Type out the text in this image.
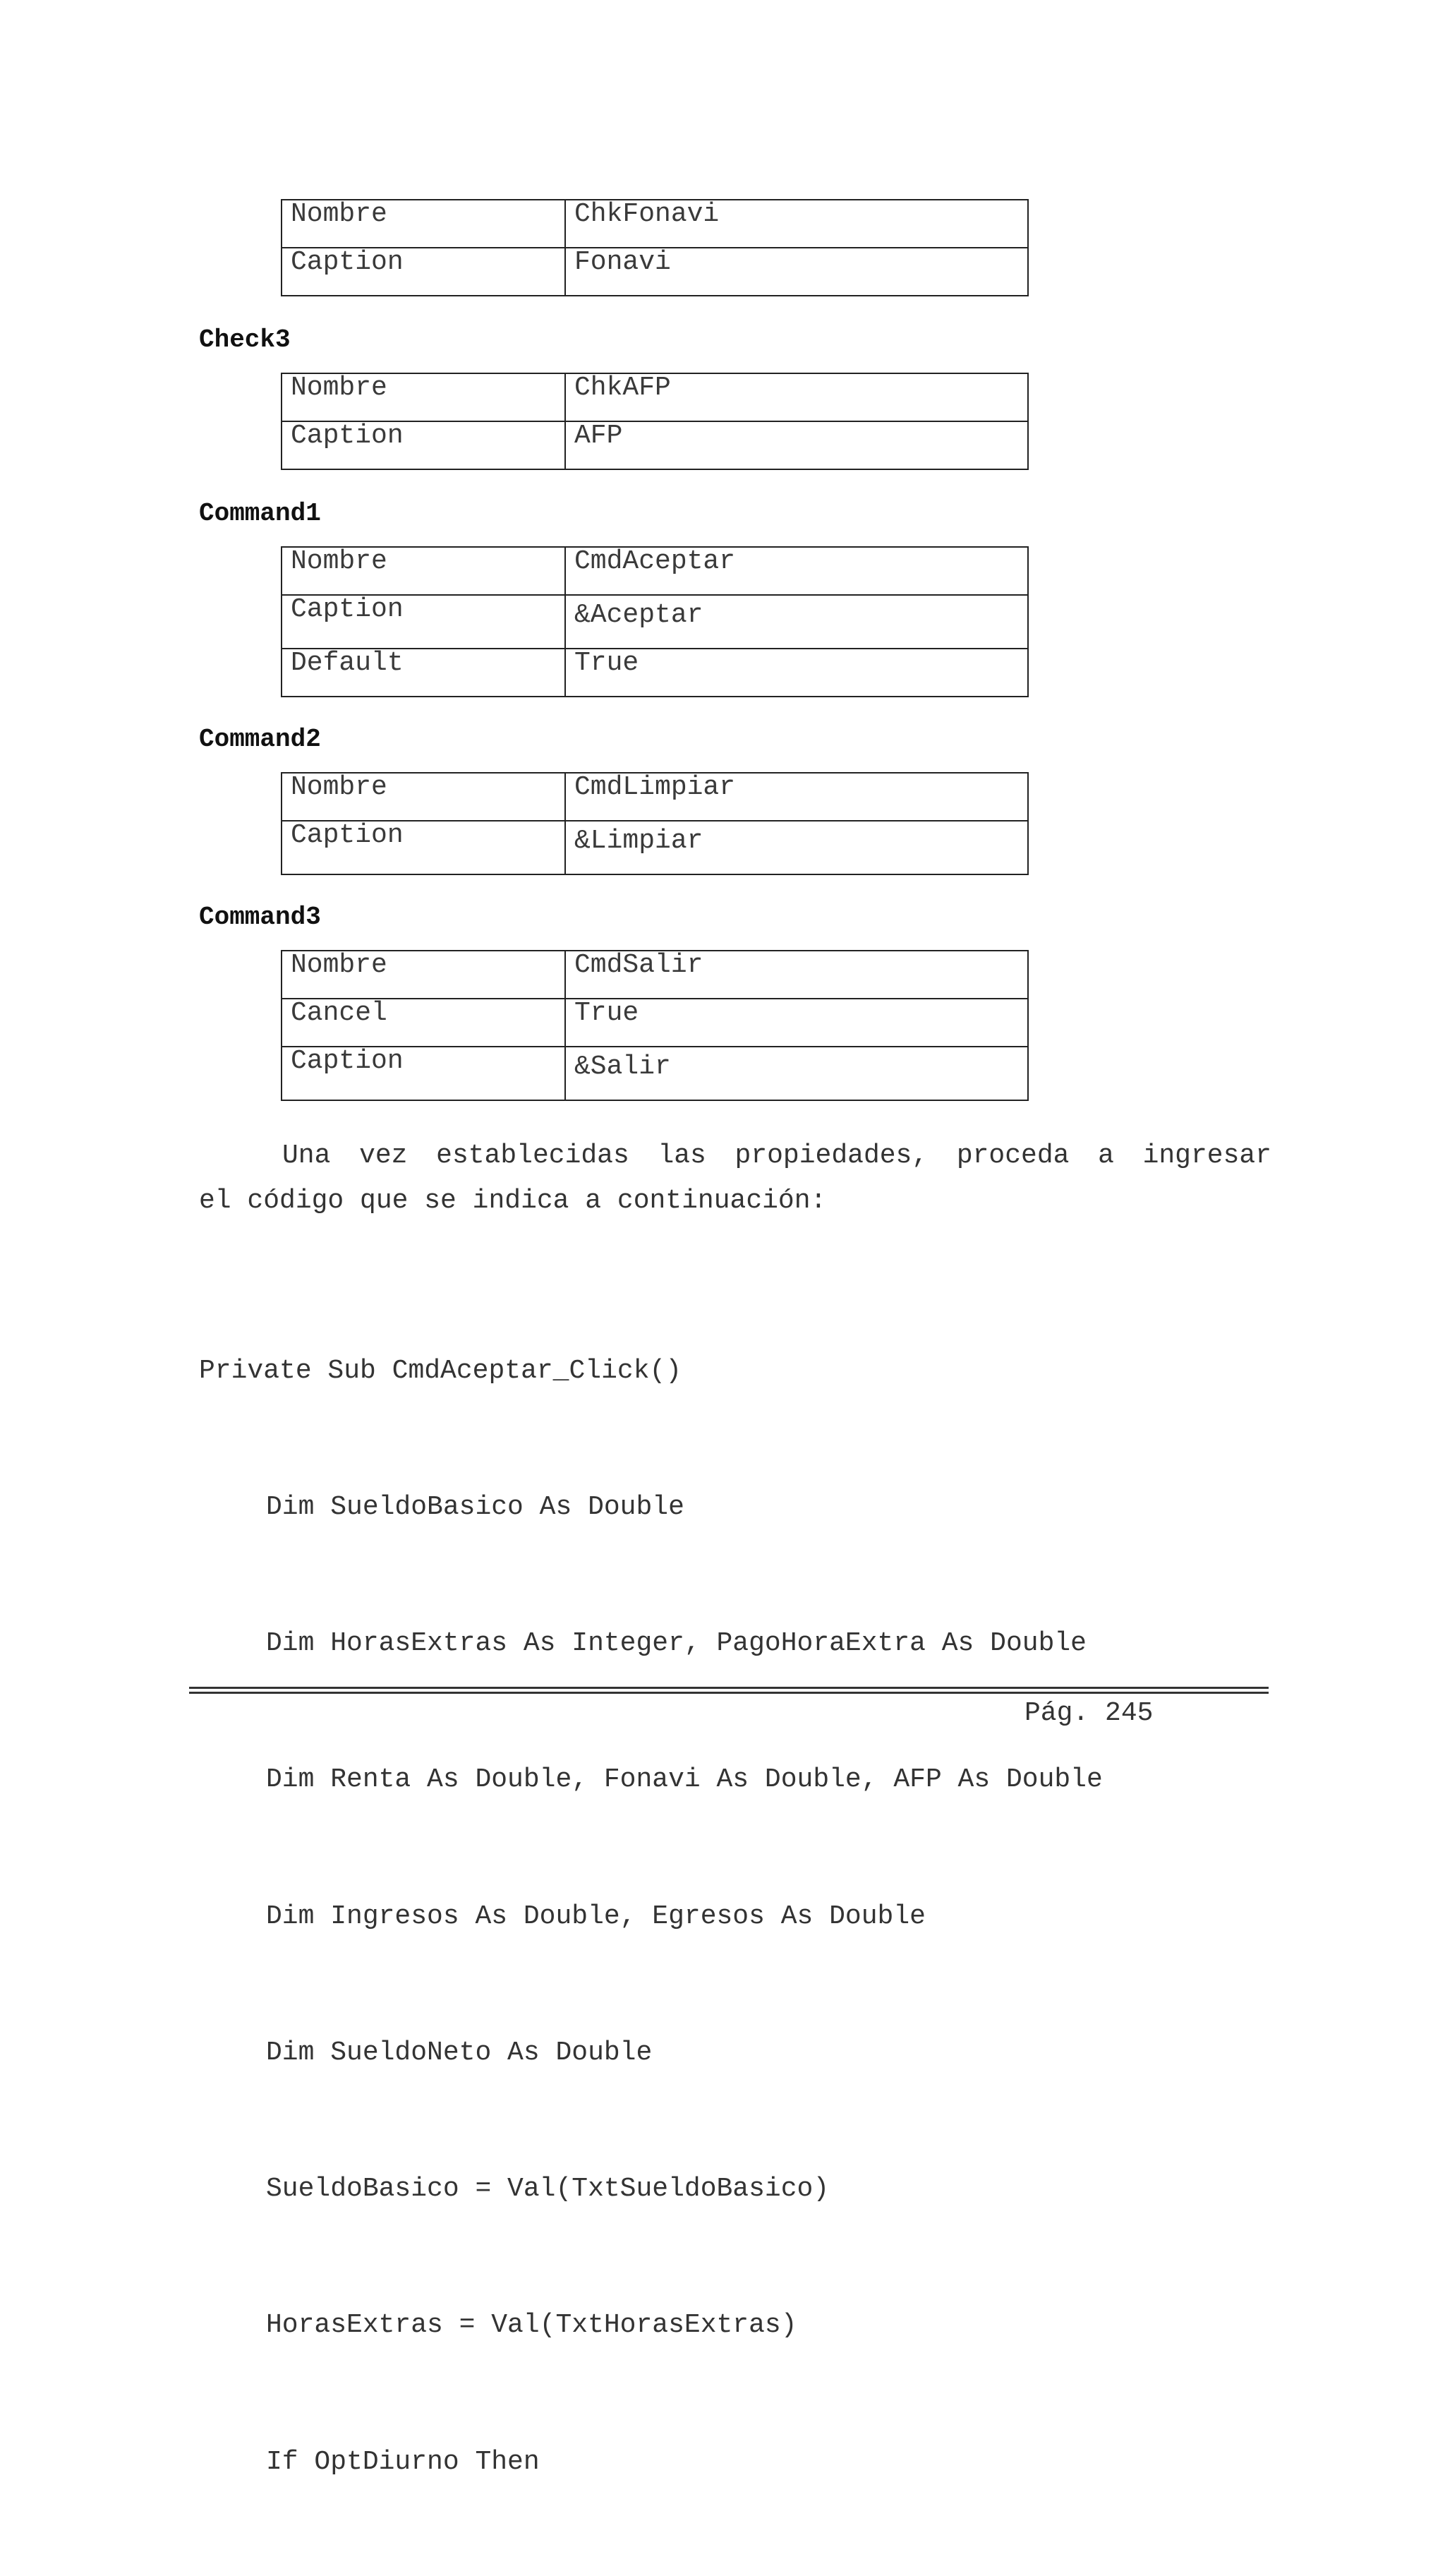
Nombre	ChkFonavi
Caption	Fonavi
Check3
Nombre	ChkAFP
Caption	AFP
Command1
Nombre	CmdAceptar
Caption	&Aceptar
Default	True
Command2
Nombre	CmdLimpiar
Caption	&Limpiar
Command3
Nombre	CmdSalir
Cancel	True
Caption	&Salir
Una vez establecidas las propiedades, proceda a ingresar
el código que se indica a continuación:

Private Sub CmdAceptar_Click()

Dim SueldoBasico As Double

Dim HorasExtras As Integer, PagoHoraExtra As Double

Dim Renta As Double, Fonavi As Double, AFP As Double

Dim Ingresos As Double, Egresos As Double

Dim SueldoNeto As Double

SueldoBasico = Val(TxtSueldoBasico)

HorasExtras = Val(TxtHorasExtras)

If OptDiurno Then

Pág. 245
